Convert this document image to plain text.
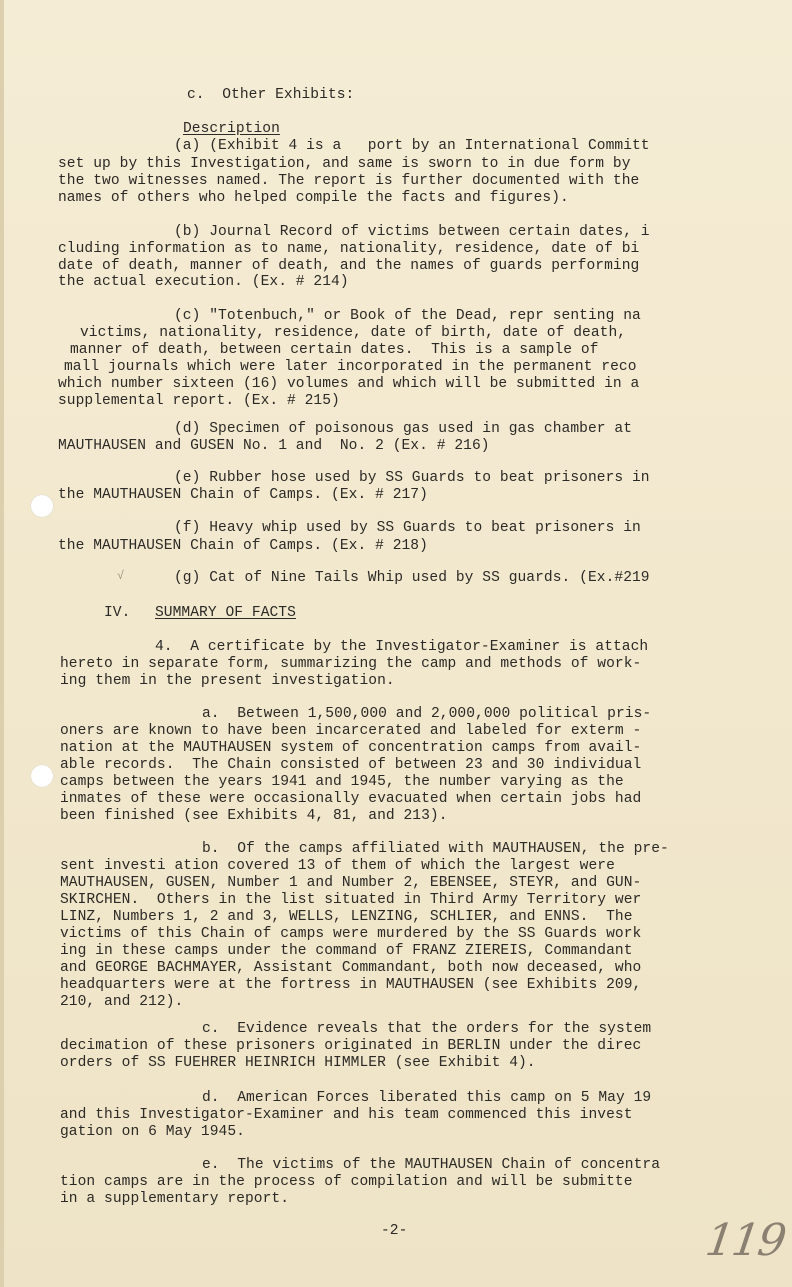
c.  Other Exhibits:
Description
(a) (Exhibit 4 is a   port by an International Committ
set up by this Investigation, and same is sworn to in due form by
the two witnesses named. The report is further documented with the
names of others who helped compile the facts and figures).
(b) Journal Record of victims between certain dates, i
cluding information as to name, nationality, residence, date of bi
date of death, manner of death, and the names of guards performing
the actual execution. (Ex. # 214)
(c) "Totenbuch," or Book of the Dead, repr senting na
victims, nationality, residence, date of birth, date of death,
manner of death, between certain dates.  This is a sample of
mall journals which were later incorporated in the permanent reco
which number sixteen (16) volumes and which will be submitted in a
supplemental report. (Ex. # 215)
(d) Specimen of poisonous gas used in gas chamber at
MAUTHAUSEN and GUSEN No. 1 and  No. 2 (Ex. # 216)
(e) Rubber hose used by SS Guards to beat prisoners in
the MAUTHAUSEN Chain of Camps. (Ex. # 217)
(f) Heavy whip used by SS Guards to beat prisoners in
the MAUTHAUSEN Chain of Camps. (Ex. # 218)
√	(g) Cat of Nine Tails Whip used by SS guards. (Ex.#219
IV. SUMMARY OF FACTS
4.  A certificate by the Investigator-Examiner is attach
hereto in separate form, summarizing the camp and methods of work-
ing them in the present investigation.
a.  Between 1,500,000 and 2,000,000 political pris-
oners are known to have been incarcerated and labeled for exterm -
nation at the MAUTHAUSEN system of concentration camps from avail-
able records.  The Chain consisted of between 23 and 30 individual
camps between the years 1941 and 1945, the number varying as the
inmates of these were occasionally evacuated when certain jobs had
been finished (see Exhibits 4, 81, and 213).
b.  Of the camps affiliated with MAUTHAUSEN, the pre-
sent investi ation covered 13 of them of which the largest were
MAUTHAUSEN, GUSEN, Number 1 and Number 2, EBENSEE, STEYR, and GUN-
SKIRCHEN.  Others in the list situated in Third Army Territory wer
LINZ, Numbers 1, 2 and 3, WELLS, LENZING, SCHLIER, and ENNS.  The
victims of this Chain of camps were murdered by the SS Guards work
ing in these camps under the command of FRANZ ZIEREIS, Commandant
and GEORGE BACHMAYER, Assistant Commandant, both now deceased, who
headquarters were at the fortress in MAUTHAUSEN (see Exhibits 209,
210, and 212).
c.  Evidence reveals that the orders for the system
decimation of these prisoners originated in BERLIN under the direc
orders of SS FUEHRER HEINRICH HIMMLER (see Exhibit 4).
d.  American Forces liberated this camp on 5 May 19
and this Investigator-Examiner and his team commenced this invest
gation on 6 May 1945.
e.  The victims of the MAUTHAUSEN Chain of concentra
tion camps are in the process of compilation and will be submitte
in a supplementary report.
-2-	119
